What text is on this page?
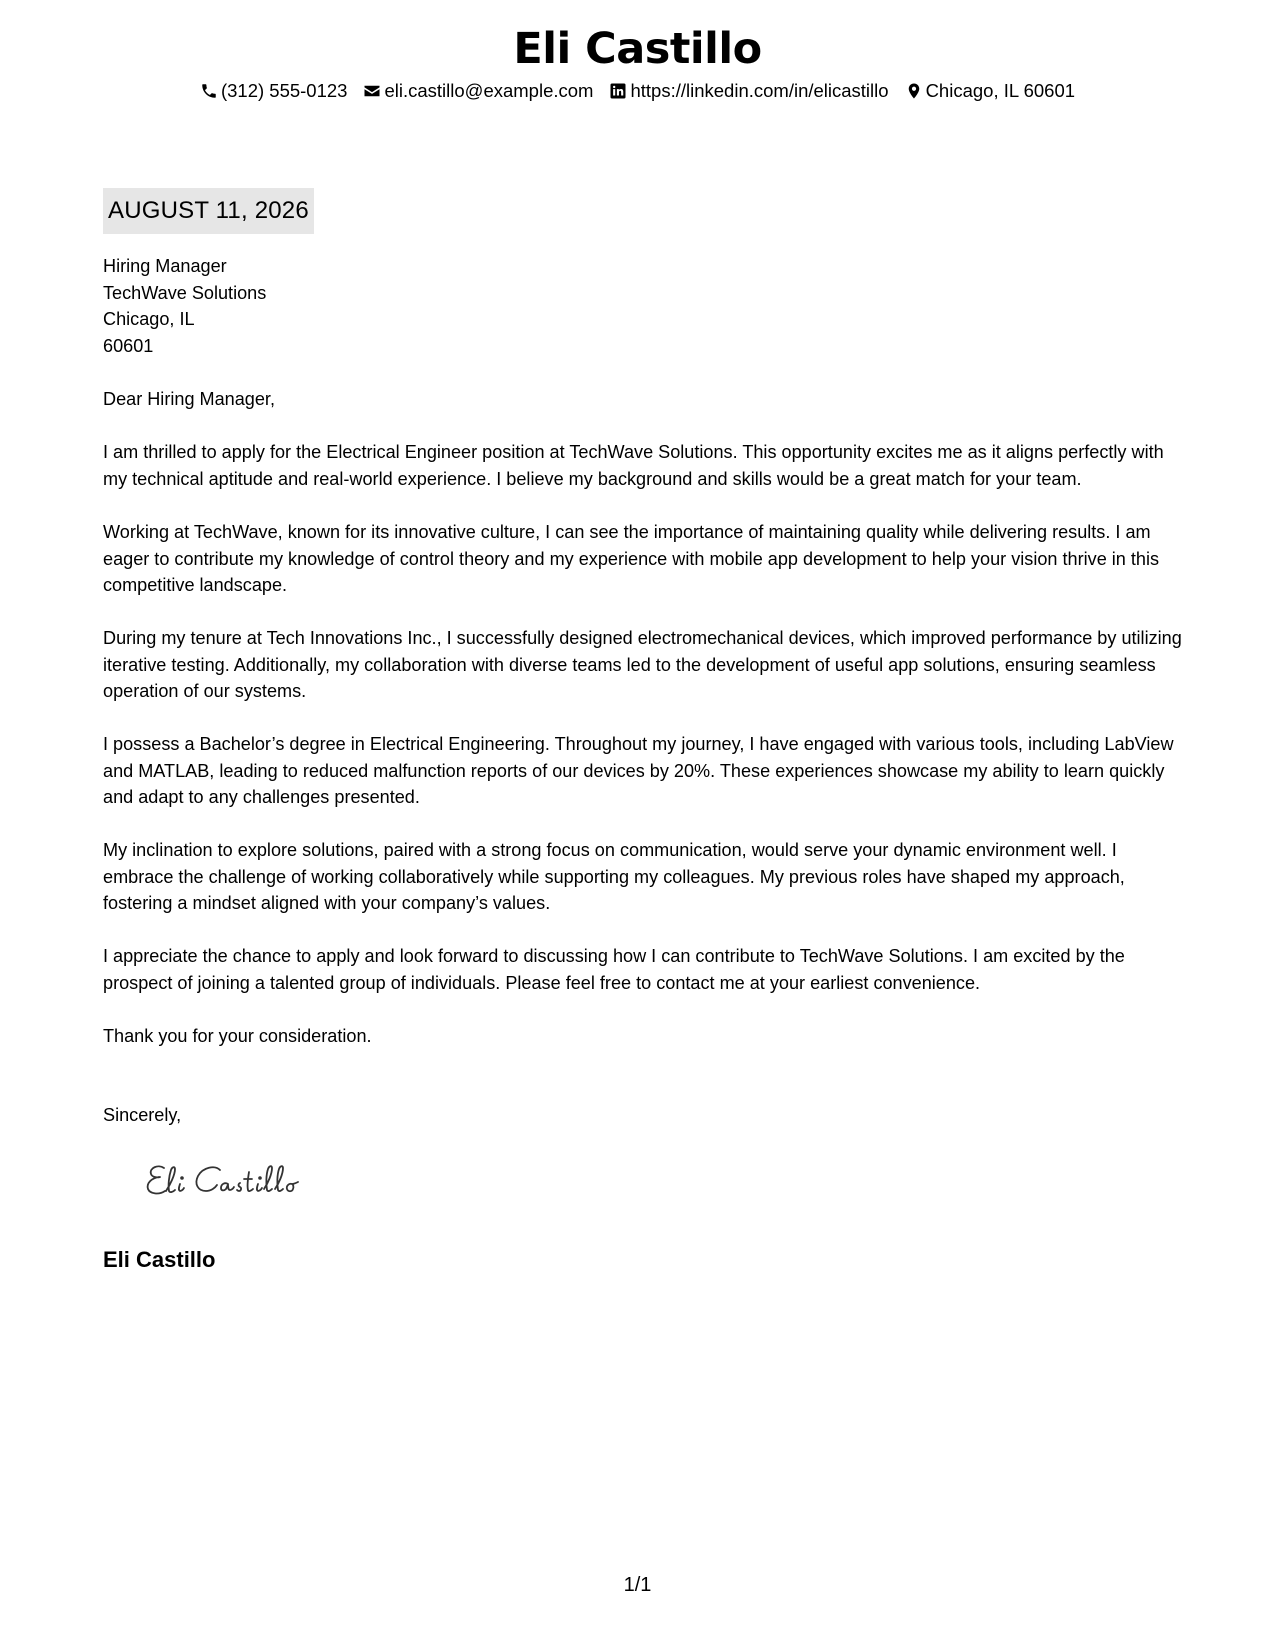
Eli Castillo
(312) 555-0123 eli.castillo@example.com https://linkedin.com/in/elicastillo Chicago, IL 60601
AUGUST 11, 2026
Hiring Manager
TechWave Solutions
Chicago, IL
60601
Dear Hiring Manager,

I am thrilled to apply for the Electrical Engineer position at TechWave Solutions. This opportunity excites me as it aligns perfectly with my technical aptitude and real-world experience. I believe my background and skills would be a great match for your team.

Working at TechWave, known for its innovative culture, I can see the importance of maintaining quality while delivering results. I am eager to contribute my knowledge of control theory and my experience with mobile app development to help your vision thrive in this competitive landscape.

During my tenure at Tech Innovations Inc., I successfully designed electromechanical devices, which improved performance by utilizing iterative testing. Additionally, my collaboration with diverse teams led to the development of useful app solutions, ensuring seamless operation of our systems.

I possess a Bachelor’s degree in Electrical Engineering. Throughout my journey, I have engaged with various tools, including LabView and MATLAB, leading to reduced malfunction reports of our devices by 20%. These experiences showcase my ability to learn quickly and adapt to any challenges presented.

My inclination to explore solutions, paired with a strong focus on communication, would serve your dynamic environment well. I embrace the challenge of working collaboratively while supporting my colleagues. My previous roles have shaped my approach, fostering a mindset aligned with your company’s values.

I appreciate the chance to apply and look forward to discussing how I can contribute to TechWave Solutions. I am excited by the prospect of joining a talented group of individuals. Please feel free to contact me at your earliest convenience.

Thank you for your consideration.
Sincerely,
Eli Castillo
1/1
